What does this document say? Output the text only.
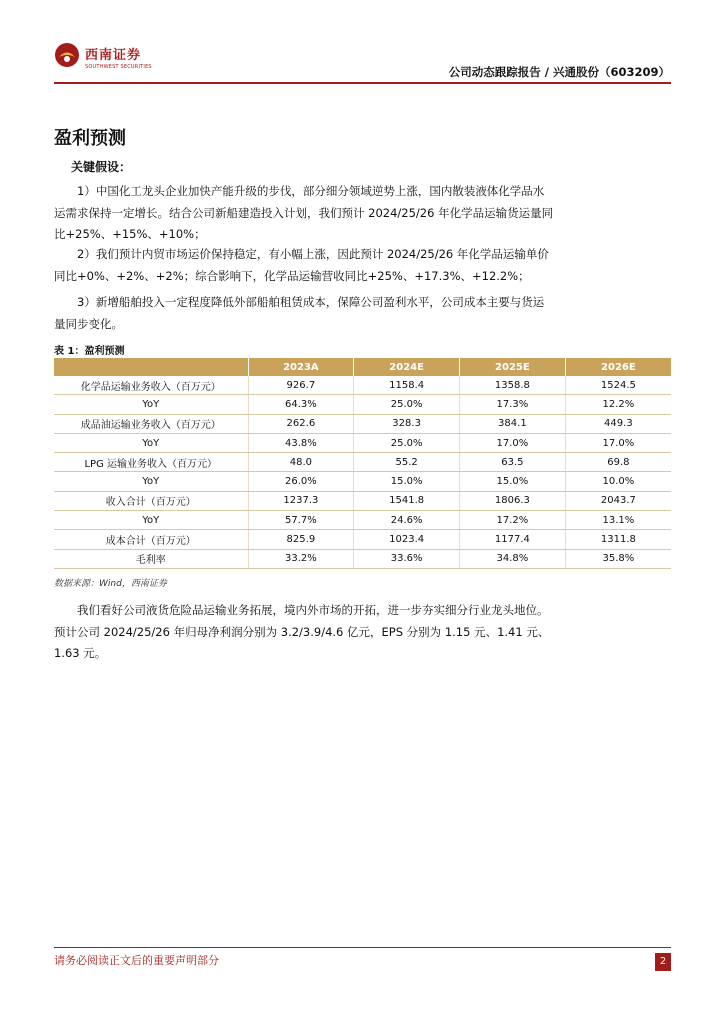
西南证券
SOUTHWEST SECURITIES	公司动态跟踪报告 / 兴通股份（603209）
盈利预测
关键假设：
1）中国化工龙头企业加快产能升级的步伐，部分细分领域逆势上涨，国内散装液体化学品水运需求保持一定增长。结合公司新船建造投入计划，我们预计 2024/25/26 年化学品运输货运量同比+25%、+15%、+10%；
2）我们预计内贸市场运价保持稳定，有小幅上涨，因此预计 2024/25/26 年化学品运输单价同比+0%、+2%、+2%；综合影响下，化学品运输营收同比+25%、+17.3%、+12.2%；
3）新增船舶投入一定程度降低外部船舶租赁成本，保障公司盈利水平，公司成本主要与货运量同步变化。
表 1：盈利预测
	2023A	2024E	2025E	2026E
化学品运输业务收入（百万元）	926.7	1158.4	1358.8	1524.5
YoY	64.3%	25.0%	17.3%	12.2%
成品油运输业务收入（百万元）	262.6	328.3	384.1	449.3
YoY	43.8%	25.0%	17.0%	17.0%
LPG 运输业务收入（百万元）	48.0	55.2	63.5	69.8
YoY	26.0%	15.0%	15.0%	10.0%
收入合计（百万元）	1237.3	1541.8	1806.3	2043.7
YoY	57.7%	24.6%	17.2%	13.1%
成本合计（百万元）	825.9	1023.4	1177.4	1311.8
毛利率	33.2%	33.6%	34.8%	35.8%
数据来源：Wind，西南证券
我们看好公司液货危险品运输业务拓展，境内外市场的开拓，进一步夯实细分行业龙头地位。预计公司 2024/25/26 年归母净利润分别为 3.2/3.9/4.6 亿元，EPS 分别为 1.15 元、1.41 元、1.63 元。
请务必阅读正文后的重要声明部分	2
